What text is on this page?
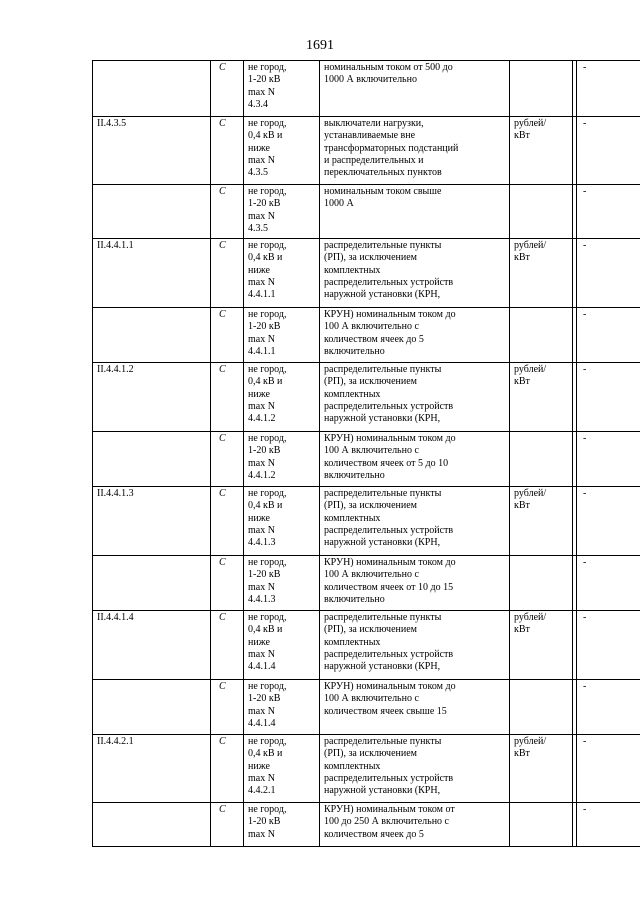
1691
	C	не город,
1-20 кВ
max N
4.3.4	номинальным током от 500 до
1000 А включительно			-
II.4.3.5	C	не город,
0,4 кВ и
ниже
max N
4.3.5	выключатели нагрузки,
устанавливаемые вне
трансформаторных подстанций
и распределительных и
переключательных пунктов	рублей/
кВт		-
	C	не город,
1-20 кВ
max N
4.3.5	номинальным током свыше
1000 А			-
II.4.4.1.1	C	не город,
0,4 кВ и
ниже
max N
4.4.1.1	распределительные пункты
(РП), за исключением
комплектных
распределительных устройств
наружной установки (КРН,	рублей/
кВт		-
	C	не город,
1-20 кВ
max N
4.4.1.1	КРУН) номинальным током до
100 А включительно с
количеством ячеек до 5
включительно			-
II.4.4.1.2	C	не город,
0,4 кВ и
ниже
max N
4.4.1.2	распределительные пункты
(РП), за исключением
комплектных
распределительных устройств
наружной установки (КРН,	рублей/
кВт		-
	C	не город,
1-20 кВ
max N
4.4.1.2	КРУН) номинальным током до
100 А включительно с
количеством ячеек от 5 до 10
включительно			-
II.4.4.1.3	C	не город,
0,4 кВ и
ниже
max N
4.4.1.3	распределительные пункты
(РП), за исключением
комплектных
распределительных устройств
наружной установки (КРН,	рублей/
кВт		-
	C	не город,
1-20 кВ
max N
4.4.1.3	КРУН) номинальным током до
100 А включительно с
количеством ячеек от 10 до 15
включительно			-
II.4.4.1.4	C	не город,
0,4 кВ и
ниже
max N
4.4.1.4	распределительные пункты
(РП), за исключением
комплектных
распределительных устройств
наружной установки (КРН,	рублей/
кВт		-
	C	не город,
1-20 кВ
max N
4.4.1.4	КРУН) номинальным током до
100 А включительно с
количеством ячеек свыше 15			-
II.4.4.2.1	C	не город,
0,4 кВ и
ниже
max N
4.4.2.1	распределительные пункты
(РП), за исключением
комплектных
распределительных устройств
наружной установки (КРН,	рублей/
кВт		-
	C	не город,
1-20 кВ
max N	КРУН) номинальным током от
100 до 250 А включительно с
количеством ячеек до 5			-
